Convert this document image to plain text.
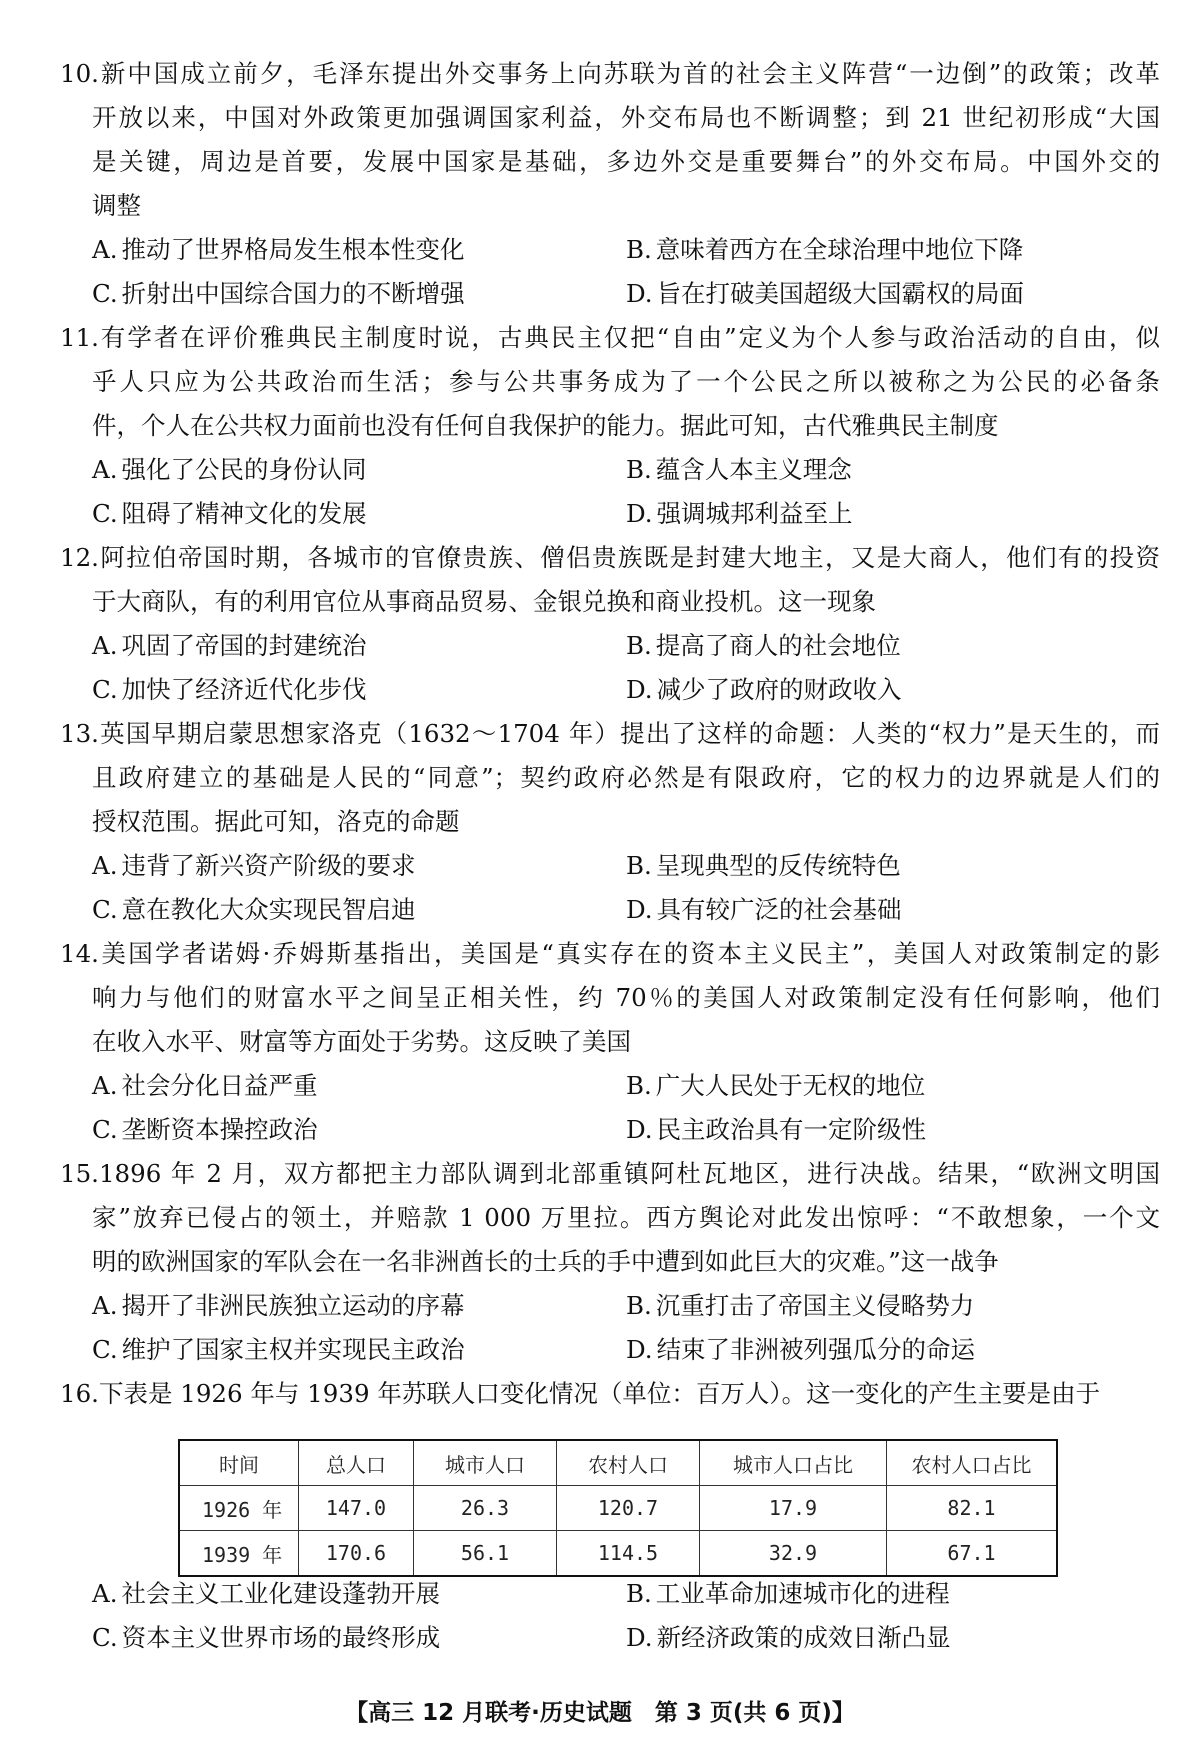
10.新中国成立前夕，毛泽东提出外交事务上向苏联为首的社会主义阵营“一边倒”的政策；改革
开放以来，中国对外政策更加强调国家利益，外交布局也不断调整；到 21 世纪初形成“大国
是关键，周边是首要，发展中国家是基础，多边外交是重要舞台”的外交布局。中国外交的
调整
A. 推动了世界格局发生根本性变化	B. 意味着西方在全球治理中地位下降
C. 折射出中国综合国力的不断增强	D. 旨在打破美国超级大国霸权的局面
11.有学者在评价雅典民主制度时说，古典民主仅把“自由”定义为个人参与政治活动的自由，似
乎人只应为公共政治而生活；参与公共事务成为了一个公民之所以被称之为公民的必备条
件，个人在公共权力面前也没有任何自我保护的能力。据此可知，古代雅典民主制度
A. 强化了公民的身份认同	B. 蕴含人本主义理念
C. 阻碍了精神文化的发展	D. 强调城邦利益至上
12.阿拉伯帝国时期，各城市的官僚贵族、僧侣贵族既是封建大地主，又是大商人，他们有的投资
于大商队，有的利用官位从事商品贸易、金银兑换和商业投机。这一现象
A. 巩固了帝国的封建统治	B. 提高了商人的社会地位
C. 加快了经济近代化步伐	D. 减少了政府的财政收入
13.英国早期启蒙思想家洛克（1632～1704 年）提出了这样的命题：人类的“权力”是天生的，而
且政府建立的基础是人民的“同意”；契约政府必然是有限政府，它的权力的边界就是人们的
授权范围。据此可知，洛克的命题
A. 违背了新兴资产阶级的要求	B. 呈现典型的反传统特色
C. 意在教化大众实现民智启迪	D. 具有较广泛的社会基础
14.美国学者诺姆·乔姆斯基指出，美国是“真实存在的资本主义民主”，美国人对政策制定的影
响力与他们的财富水平之间呈正相关性，约 70％的美国人对政策制定没有任何影响，他们
在收入水平、财富等方面处于劣势。这反映了美国
A. 社会分化日益严重	B. 广大人民处于无权的地位
C. 垄断资本操控政治	D. 民主政治具有一定阶级性
15.1896 年 2 月，双方都把主力部队调到北部重镇阿杜瓦地区，进行决战。结果，“欧洲文明国
家”放弃已侵占的领土，并赔款 1 000 万里拉。西方舆论对此发出惊呼：“不敢想象，一个文
明的欧洲国家的军队会在一名非洲酋长的士兵的手中遭到如此巨大的灾难。”这一战争
A. 揭开了非洲民族独立运动的序幕	B. 沉重打击了帝国主义侵略势力
C. 维护了国家主权并实现民主政治	D. 结束了非洲被列强瓜分的命运
16.下表是 1926 年与 1939 年苏联人口变化情况（单位：百万人）。这一变化的产生主要是由于
时间	总人口	城市人口	农村人口	城市人口占比	农村人口占比
1926 年	147.0	26.3	120.7	17.9	82.1
1939 年	170.6	56.1	114.5	32.9	67.1
A. 社会主义工业化建设蓬勃开展	B. 工业革命加速城市化的进程
C. 资本主义世界市场的最终形成	D. 新经济政策的成效日渐凸显
【高三 12 月联考·历史试题　第 3 页(共 6 页)】
